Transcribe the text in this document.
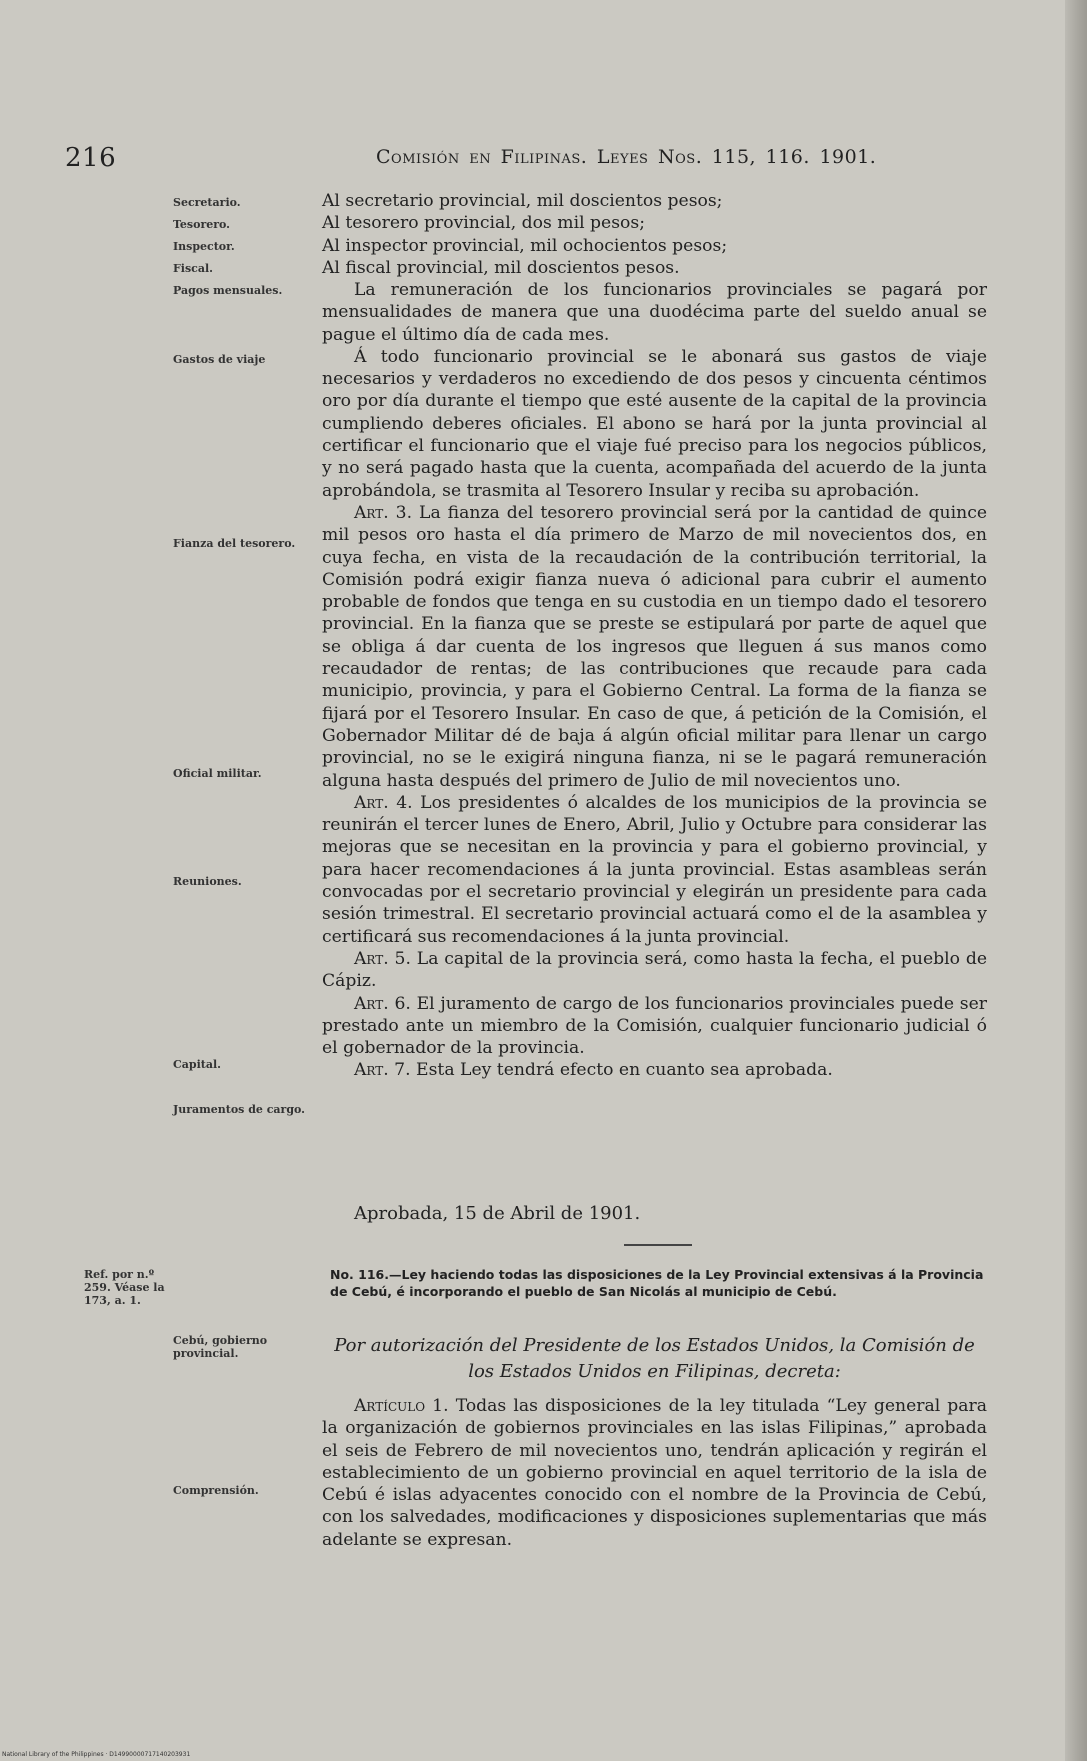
216	Comisión en Filipinas. Leyes Nos. 115, 116. 1901.
Secretario.
Tesorero.
Inspector.
Fiscal.
Pagos mensuales.
Gastos de viaje
Fianza del tesorero.
Oficial militar.
Reuniones.
Capital.
Juramentos de cargo.
Ref. por n.º 259. Véase la 173, a. 1.
Cebú, gobierno provincial.
Comprensión.
Al secretario provincial, mil doscientos pesos;
Al tesorero provincial, dos mil pesos;
Al inspector provincial, mil ochocientos pesos;
Al fiscal provincial, mil doscientos pesos.

La remuneración de los funcionarios provinciales se pagará por mensualidades de manera que una duodécima parte del sueldo anual se pague el último día de cada mes.

Á todo funcionario provincial se le abonará sus gastos de viaje necesarios y verdaderos no excediendo de dos pesos y cincuenta céntimos oro por día durante el tiempo que esté ausente de la capital de la provincia cumpliendo deberes oficiales. El abono se hará por la junta provincial al certificar el funcionario que el viaje fué preciso para los negocios públicos, y no será pagado hasta que la cuenta, acompañada del acuerdo de la junta aprobándola, se trasmita al Tesorero Insular y reciba su aprobación.

Art. 3. La fianza del tesorero provincial será por la cantidad de quince mil pesos oro hasta el día primero de Marzo de mil novecientos dos, en cuya fecha, en vista de la recaudación de la contribución territorial, la Comisión podrá exigir fianza nueva ó adicional para cubrir el aumento probable de fondos que tenga en su custodia en un tiempo dado el tesorero provincial. En la fianza que se preste se estipulará por parte de aquel que se obliga á dar cuenta de los ingresos que lleguen á sus manos como recaudador de rentas; de las contribuciones que recaude para cada municipio, provincia, y para el Gobierno Central. La forma de la fianza se fijará por el Tesorero Insular. En caso de que, á petición de la Comisión, el Gobernador Militar dé de baja á algún oficial militar para llenar un cargo provincial, no se le exigirá ninguna fianza, ni se le pagará remuneración alguna hasta después del primero de Julio de mil novecientos uno.

Art. 4. Los presidentes ó alcaldes de los municipios de la provincia se reunirán el tercer lunes de Enero, Abril, Julio y Octubre para considerar las mejoras que se necesitan en la provincia y para el gobierno provincial, y para hacer recomendaciones á la junta provincial. Estas asambleas serán convocadas por el secretario provincial y elegirán un presidente para cada sesión trimestral. El secretario provincial actuará como el de la asamblea y certificará sus recomendaciones á la junta provincial.

Art. 5. La capital de la provincia será, como hasta la fecha, el pueblo de Cápiz.

Art. 6. El juramento de cargo de los funcionarios provinciales puede ser prestado ante un miembro de la Comisión, cualquier funcionario judicial ó el gobernador de la provincia.

Art. 7. Esta Ley tendrá efecto en cuanto sea aprobada.

Aprobada, 15 de Abril de 1901.
No. 116.—Ley haciendo todas las disposiciones de la Ley Provincial extensivas á la Provincia de Cebú, é incorporando el pueblo de San Nicolás al municipio de Cebú.
Por autorización del Presidente de los Estados Unidos, la Comisión de los Estados Unidos en Filipinas, decreta:

Artículo 1. Todas las disposiciones de la ley titulada “Ley general para la organización de gobiernos provinciales en las islas Filipinas,” aprobada el seis de Febrero de mil novecientos uno, tendrán aplicación y regirán el establecimiento de un gobierno provincial en aquel territorio de la isla de Cebú é islas adyacentes conocido con el nombre de la Provincia de Cebú, con los salvedades, modificaciones y disposiciones suplementarias que más adelante se expresan.

National Library of the Philippines · D14990000717140203931
